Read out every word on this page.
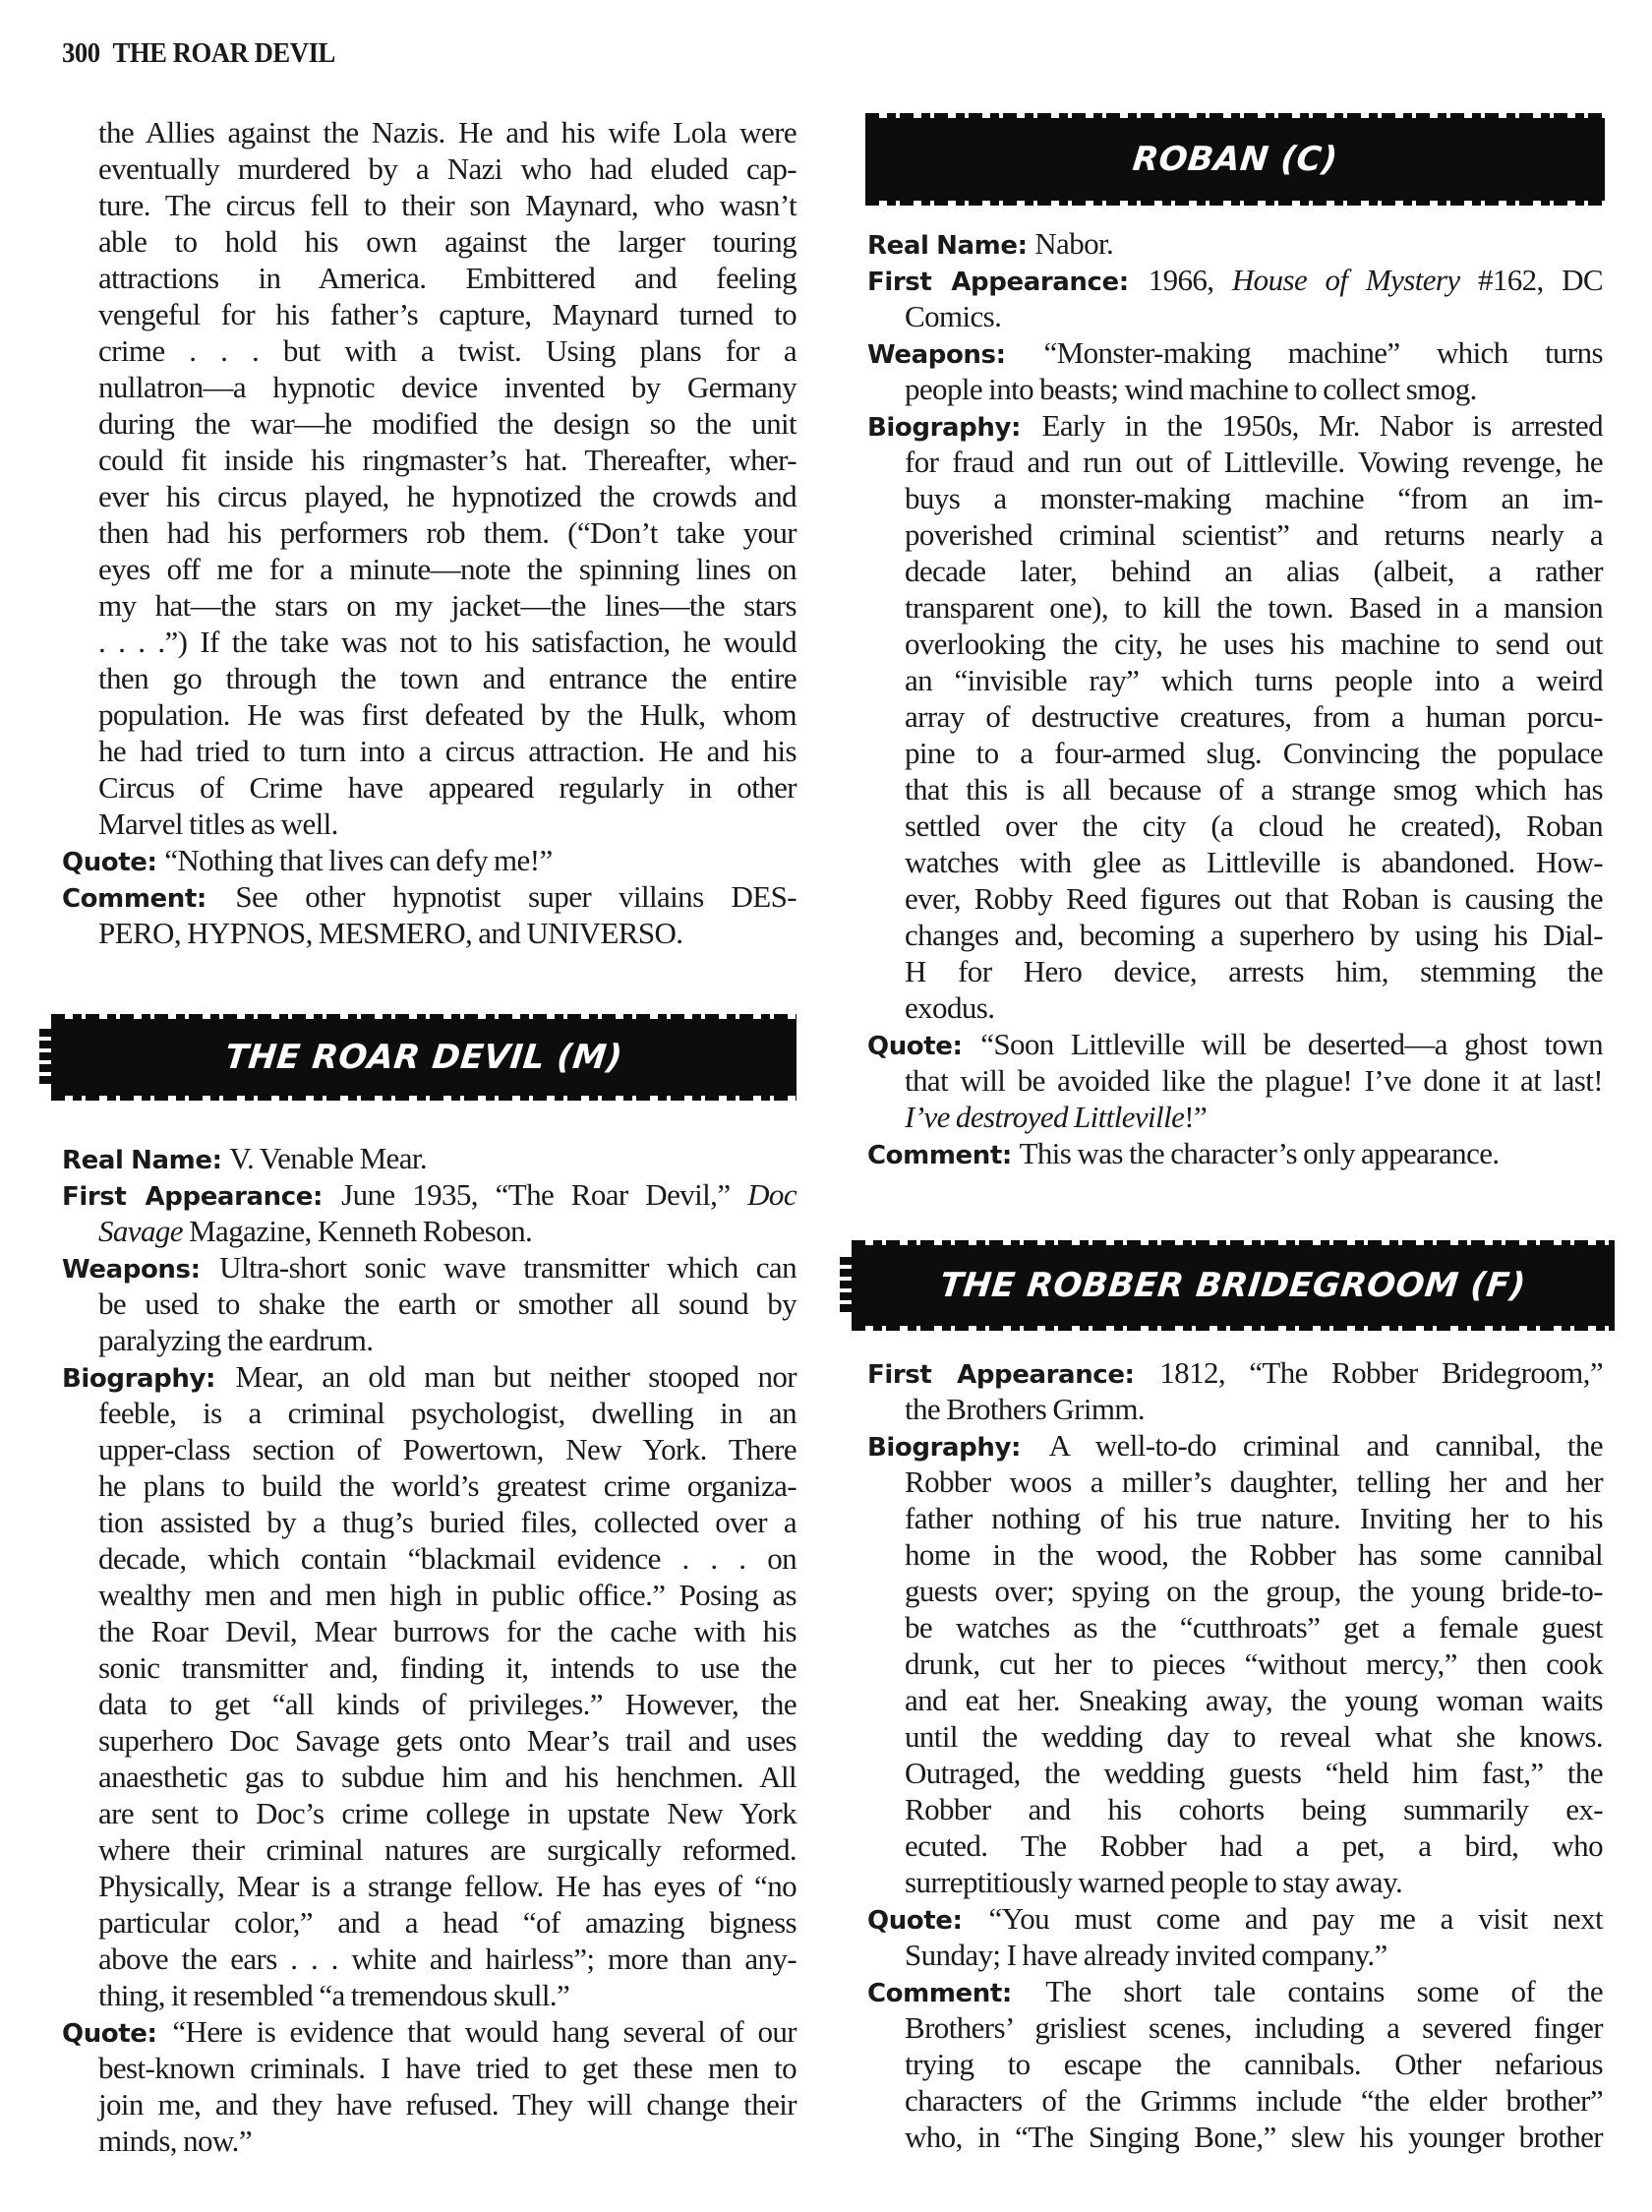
300 THE ROAR DEVIL
THE ROAR DEVIL (M)
ROBAN (C)
THE ROBBER BRIDEGROOM (F)
the Allies against the Nazis. He and his wife Lola were
eventually murdered by a Nazi who had eluded cap-
ture. The circus fell to their son Maynard, who wasn’t
able to hold his own against the larger touring
attractions in America. Embittered and feeling
vengeful for his father’s capture, Maynard turned to
crime . . . but with a twist. Using plans for a
nullatron—a hypnotic device invented by Germany
during the war—he modified the design so the unit
could fit inside his ringmaster’s hat. Thereafter, wher-
ever his circus played, he hypnotized the crowds and
then had his performers rob them. (“Don’t take your
eyes off me for a minute—note the spinning lines on
my hat—the stars on my jacket—the lines—the stars
. . . .”) If the take was not to his satisfaction, he would
then go through the town and entrance the entire
population. He was first defeated by the Hulk, whom
he had tried to turn into a circus attraction. He and his
Circus of Crime have appeared regularly in other
Marvel titles as well.
Quote: “Nothing that lives can defy me!”
Comment: See other hypnotist super villains DES-
PERO, HYPNOS, MESMERO, and UNIVERSO.
Real Name: V. Venable Mear.
First Appearance: June 1935, “The Roar Devil,” Doc
Savage Magazine, Kenneth Robeson.
Weapons: Ultra-short sonic wave transmitter which can
be used to shake the earth or smother all sound by
paralyzing the eardrum.
Biography: Mear, an old man but neither stooped nor
feeble, is a criminal psychologist, dwelling in an
upper-class section of Powertown, New York. There
he plans to build the world’s greatest crime organiza-
tion assisted by a thug’s buried files, collected over a
decade, which contain “blackmail evidence . . . on
wealthy men and men high in public office.” Posing as
the Roar Devil, Mear burrows for the cache with his
sonic transmitter and, finding it, intends to use the
data to get “all kinds of privileges.” However, the
superhero Doc Savage gets onto Mear’s trail and uses
anaesthetic gas to subdue him and his henchmen. All
are sent to Doc’s crime college in upstate New York
where their criminal natures are surgically reformed.
Physically, Mear is a strange fellow. He has eyes of “no
particular color,” and a head “of amazing bigness
above the ears . . . white and hairless”; more than any-
thing, it resembled “a tremendous skull.”
Quote: “Here is evidence that would hang several of our
best-known criminals. I have tried to get these men to
join me, and they have refused. They will change their
minds, now.”
Real Name: Nabor.
First Appearance: 1966, House of Mystery #162, DC
Comics.
Weapons: “Monster-making machine” which turns
people into beasts; wind machine to collect smog.
Biography: Early in the 1950s, Mr. Nabor is arrested
for fraud and run out of Littleville. Vowing revenge, he
buys a monster-making machine “from an im-
poverished criminal scientist” and returns nearly a
decade later, behind an alias (albeit, a rather
transparent one), to kill the town. Based in a mansion
overlooking the city, he uses his machine to send out
an “invisible ray” which turns people into a weird
array of destructive creatures, from a human porcu-
pine to a four-armed slug. Convincing the populace
that this is all because of a strange smog which has
settled over the city (a cloud he created), Roban
watches with glee as Littleville is abandoned. How-
ever, Robby Reed figures out that Roban is causing the
changes and, becoming a superhero by using his Dial-
H for Hero device, arrests him, stemming the
exodus.
Quote: “Soon Littleville will be deserted—a ghost town
that will be avoided like the plague! I’ve done it at last!
I’ve destroyed Littleville!”
Comment: This was the character’s only appearance.
First Appearance: 1812, “The Robber Bridegroom,”
the Brothers Grimm.
Biography: A well-to-do criminal and cannibal, the
Robber woos a miller’s daughter, telling her and her
father nothing of his true nature. Inviting her to his
home in the wood, the Robber has some cannibal
guests over; spying on the group, the young bride-to-
be watches as the “cutthroats” get a female guest
drunk, cut her to pieces “without mercy,” then cook
and eat her. Sneaking away, the young woman waits
until the wedding day to reveal what she knows.
Outraged, the wedding guests “held him fast,” the
Robber and his cohorts being summarily ex-
ecuted. The Robber had a pet, a bird, who
surreptitiously warned people to stay away.
Quote: “You must come and pay me a visit next
Sunday; I have already invited company.”
Comment: The short tale contains some of the
Brothers’ grisliest scenes, including a severed finger
trying to escape the cannibals. Other nefarious
characters of the Grimms include “the elder brother”
who, in “The Singing Bone,” slew his younger brother
